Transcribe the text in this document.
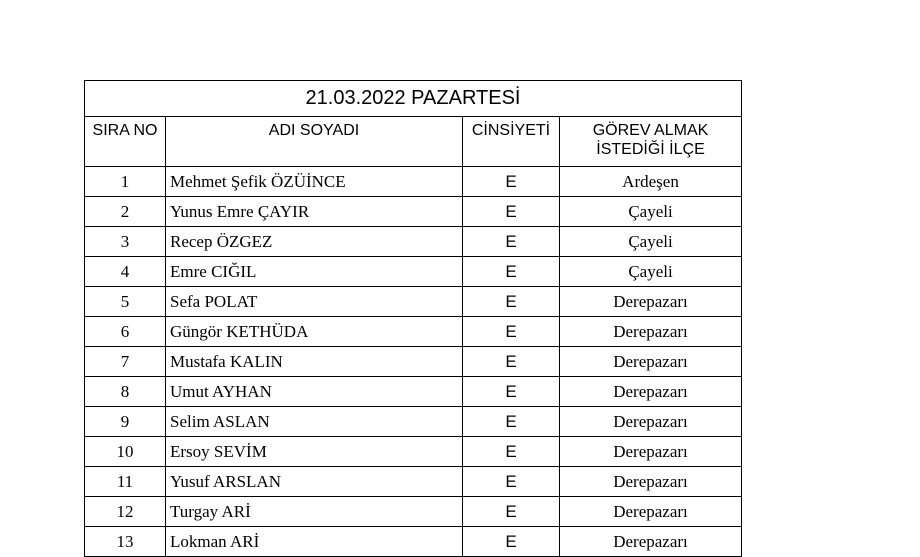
21.03.2022 PAZARTESİ			
SIRA NO	ADI SOYADI	CİNSİYETİ	GÖREV ALMAK
İSTEDİĞİ İLÇE
1	Mehmet Şefik ÖZÜİNCE	E	Ardeşen
2	Yunus Emre ÇAYIR	E	Çayeli
3	Recep ÖZGEZ	E	Çayeli
4	Emre CIĞIL	E	Çayeli
5	Sefa POLAT	E	Derepazarı
6	Güngör KETHÜDA	E	Derepazarı
7	Mustafa KALIN	E	Derepazarı
8	Umut AYHAN	E	Derepazarı
9	Selim ASLAN	E	Derepazarı
10	Ersoy SEVİM	E	Derepazarı
11	Yusuf ARSLAN	E	Derepazarı
12	Turgay ARİ	E	Derepazarı
13	Lokman ARİ	E	Derepazarı
